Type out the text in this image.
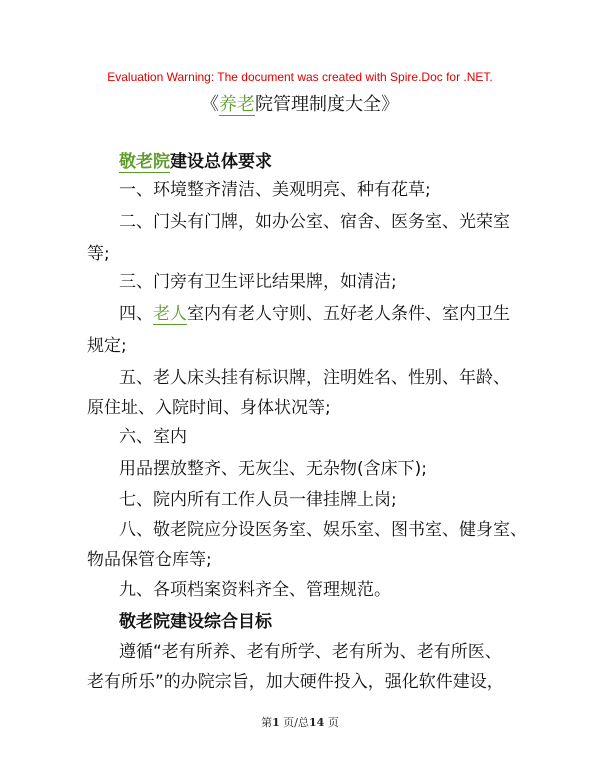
Evaluation Warning: The document was created with Spire.Doc for .NET.
《养老院管理制度大全》
敬老院建设总体要求
一、环境整齐清洁、美观明亮、种有花草;
二、门头有门牌，如办公室、宿舍、医务室、光荣室
等;
三、门旁有卫生评比结果牌，如清洁;
四、老人室内有老人守则、五好老人条件、室内卫生
规定;
五、老人床头挂有标识牌，注明姓名、性别、年龄、
原住址、入院时间、身体状况等;
六、室内
用品摆放整齐、无灰尘、无杂物(含床下);
七、院内所有工作人员一律挂牌上岗;
八、敬老院应分设医务室、娱乐室、图书室、健身室、
物品保管仓库等;
九、各项档案资料齐全、管理规范。
敬老院建设综合目标
遵循“老有所养、老有所学、老有所为、老有所医、
老有所乐”的办院宗旨，加大硬件投入，强化软件建设，
第1 页/总14 页
